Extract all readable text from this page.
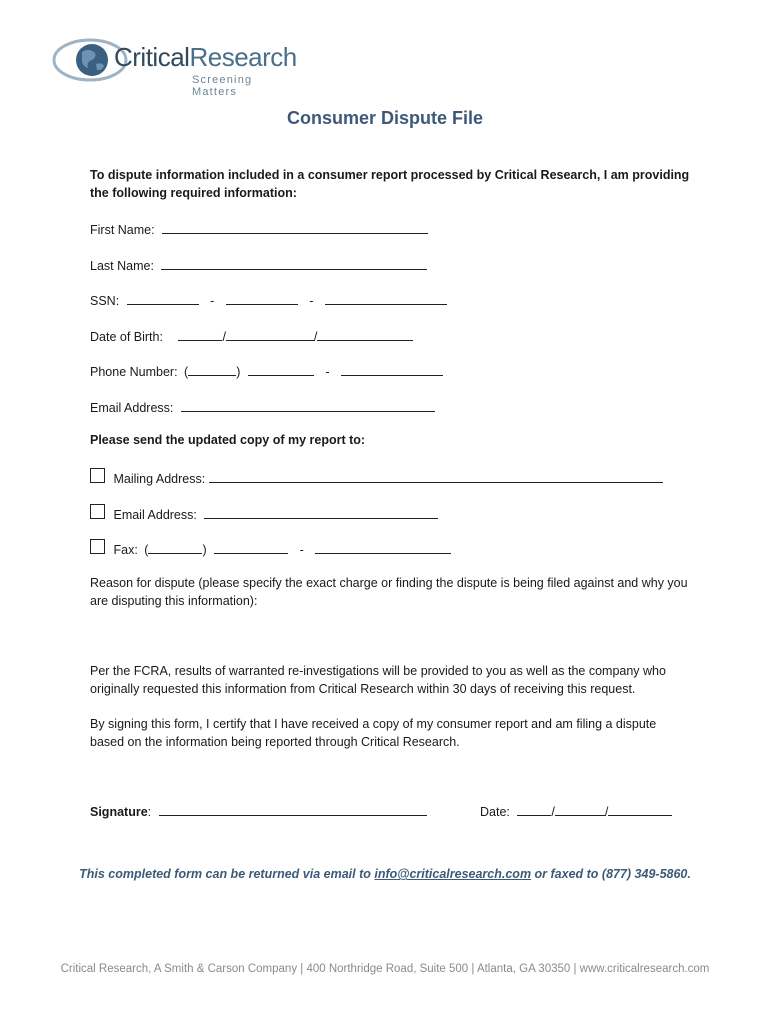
CriticalResearch
Screening Matters
Consumer Dispute File
To dispute information included in a consumer report processed by Critical Research, I am providing the following required information:
First Name:
Last Name:
SSN:	-	-
Date of Birth:	/	/
Phone Number: (	)	-
Email Address:
Please send the updated copy of my report to:
Mailing Address:
Email Address:
Fax: (	)	-
Reason for dispute (please specify the exact charge or finding the dispute is being filed against and why you are disputing this information):
Per the FCRA, results of warranted re-investigations will be provided to you as well as the company who originally requested this information from Critical Research within 30 days of receiving this request.
By signing this form, I certify that I have received a copy of my consumer report and am filing a dispute based on the information being reported through Critical Research.
Signature:	Date:	/	/
This completed form can be returned via email to info@criticalresearch.com or faxed to (877) 349-5860.
Critical Research, A Smith & Carson Company | 400 Northridge Road, Suite 500 | Atlanta, GA 30350 | www.criticalresearch.com
